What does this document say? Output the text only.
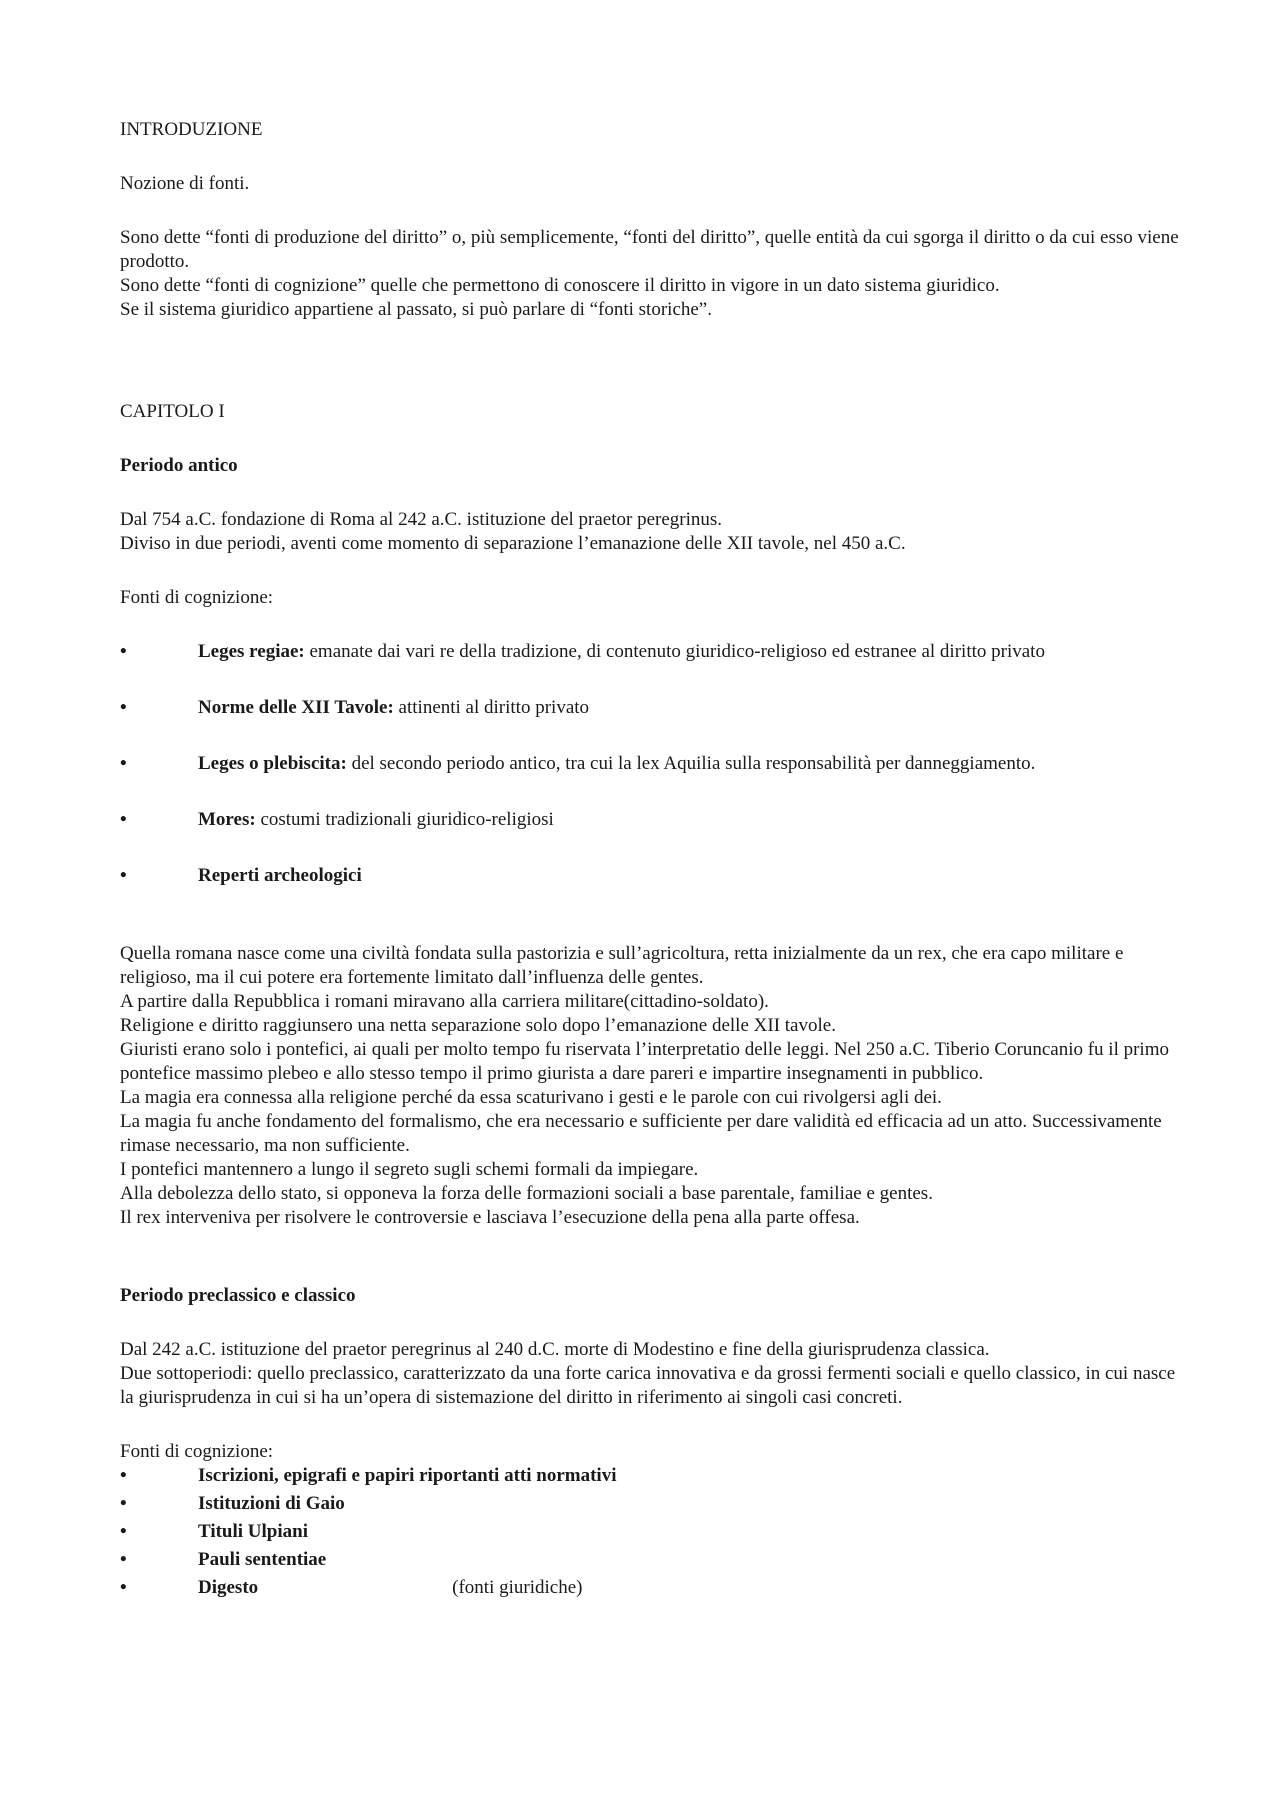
INTRODUZIONE

Nozione di fonti.

Sono dette “fonti di produzione del diritto” o, più semplicemente, “fonti del diritto”, quelle entità da cui sgorga il diritto o da cui esso viene prodotto.

Sono dette “fonti di cognizione” quelle che permettono di conoscere il diritto in vigore in un dato sistema giuridico.

Se il sistema giuridico appartiene al passato, si può parlare di “fonti storiche”.

CAPITOLO I

Periodo antico

Dal 754 a.C. fondazione di Roma al 242 a.C. istituzione del praetor peregrinus.

Diviso in due periodi, aventi come momento di separazione l’emanazione delle XII tavole, nel 450 a.C.

Fonti di cognizione:

•	Leges regiae: emanate dai vari re della tradizione, di contenuto giuridico-religioso ed estranee al diritto privato
•	Norme delle XII Tavole: attinenti al diritto privato
•	Leges o plebiscita: del secondo periodo antico, tra cui la lex Aquilia sulla responsabilità per danneggiamento.
•	Mores: costumi tradizionali giuridico-religiosi
•	Reperti archeologici

Quella romana nasce come una civiltà fondata sulla pastorizia e sull’agricoltura, retta inizialmente da un rex, che era capo militare e religioso, ma il cui potere era fortemente limitato dall’influenza delle gentes.

A partire dalla Repubblica i romani miravano alla carriera militare(cittadino-soldato).

Religione e diritto raggiunsero una netta separazione solo dopo l’emanazione delle XII tavole.

Giuristi erano solo i pontefici, ai quali per molto tempo fu riservata l’interpretatio delle leggi. Nel 250 a.C. Tiberio Coruncanio fu il primo pontefice massimo plebeo e allo stesso tempo il primo giurista a dare pareri e impartire insegnamenti in pubblico.

La magia era connessa alla religione perché da essa scaturivano i gesti e le parole con cui rivolgersi agli dei.

La magia fu anche fondamento del formalismo, che era necessario e sufficiente per dare validità ed efficacia ad un atto. Successivamente rimase necessario, ma non sufficiente.

I pontefici mantennero a lungo il segreto sugli schemi formali da impiegare.

Alla debolezza dello stato, si opponeva la forza delle formazioni sociali a base parentale, familiae e gentes.

Il rex interveniva per risolvere le controversie e lasciava l’esecuzione della pena alla parte offesa.

Periodo preclassico e classico

Dal 242 a.C. istituzione del praetor peregrinus al 240 d.C. morte di Modestino e fine della giurisprudenza classica.

Due sottoperiodi: quello preclassico, caratterizzato da una forte carica innovativa e da grossi fermenti sociali e quello classico, in cui nasce la giurisprudenza in cui si ha un’opera di sistemazione del diritto in riferimento ai singoli casi concreti.

Fonti di cognizione:

•	Iscrizioni, epigrafi e papiri riportanti atti normativi
•	Istituzioni di Gaio
•	Tituli Ulpiani
•	Pauli sententiae
•	Digesto	(fonti giuridiche)
